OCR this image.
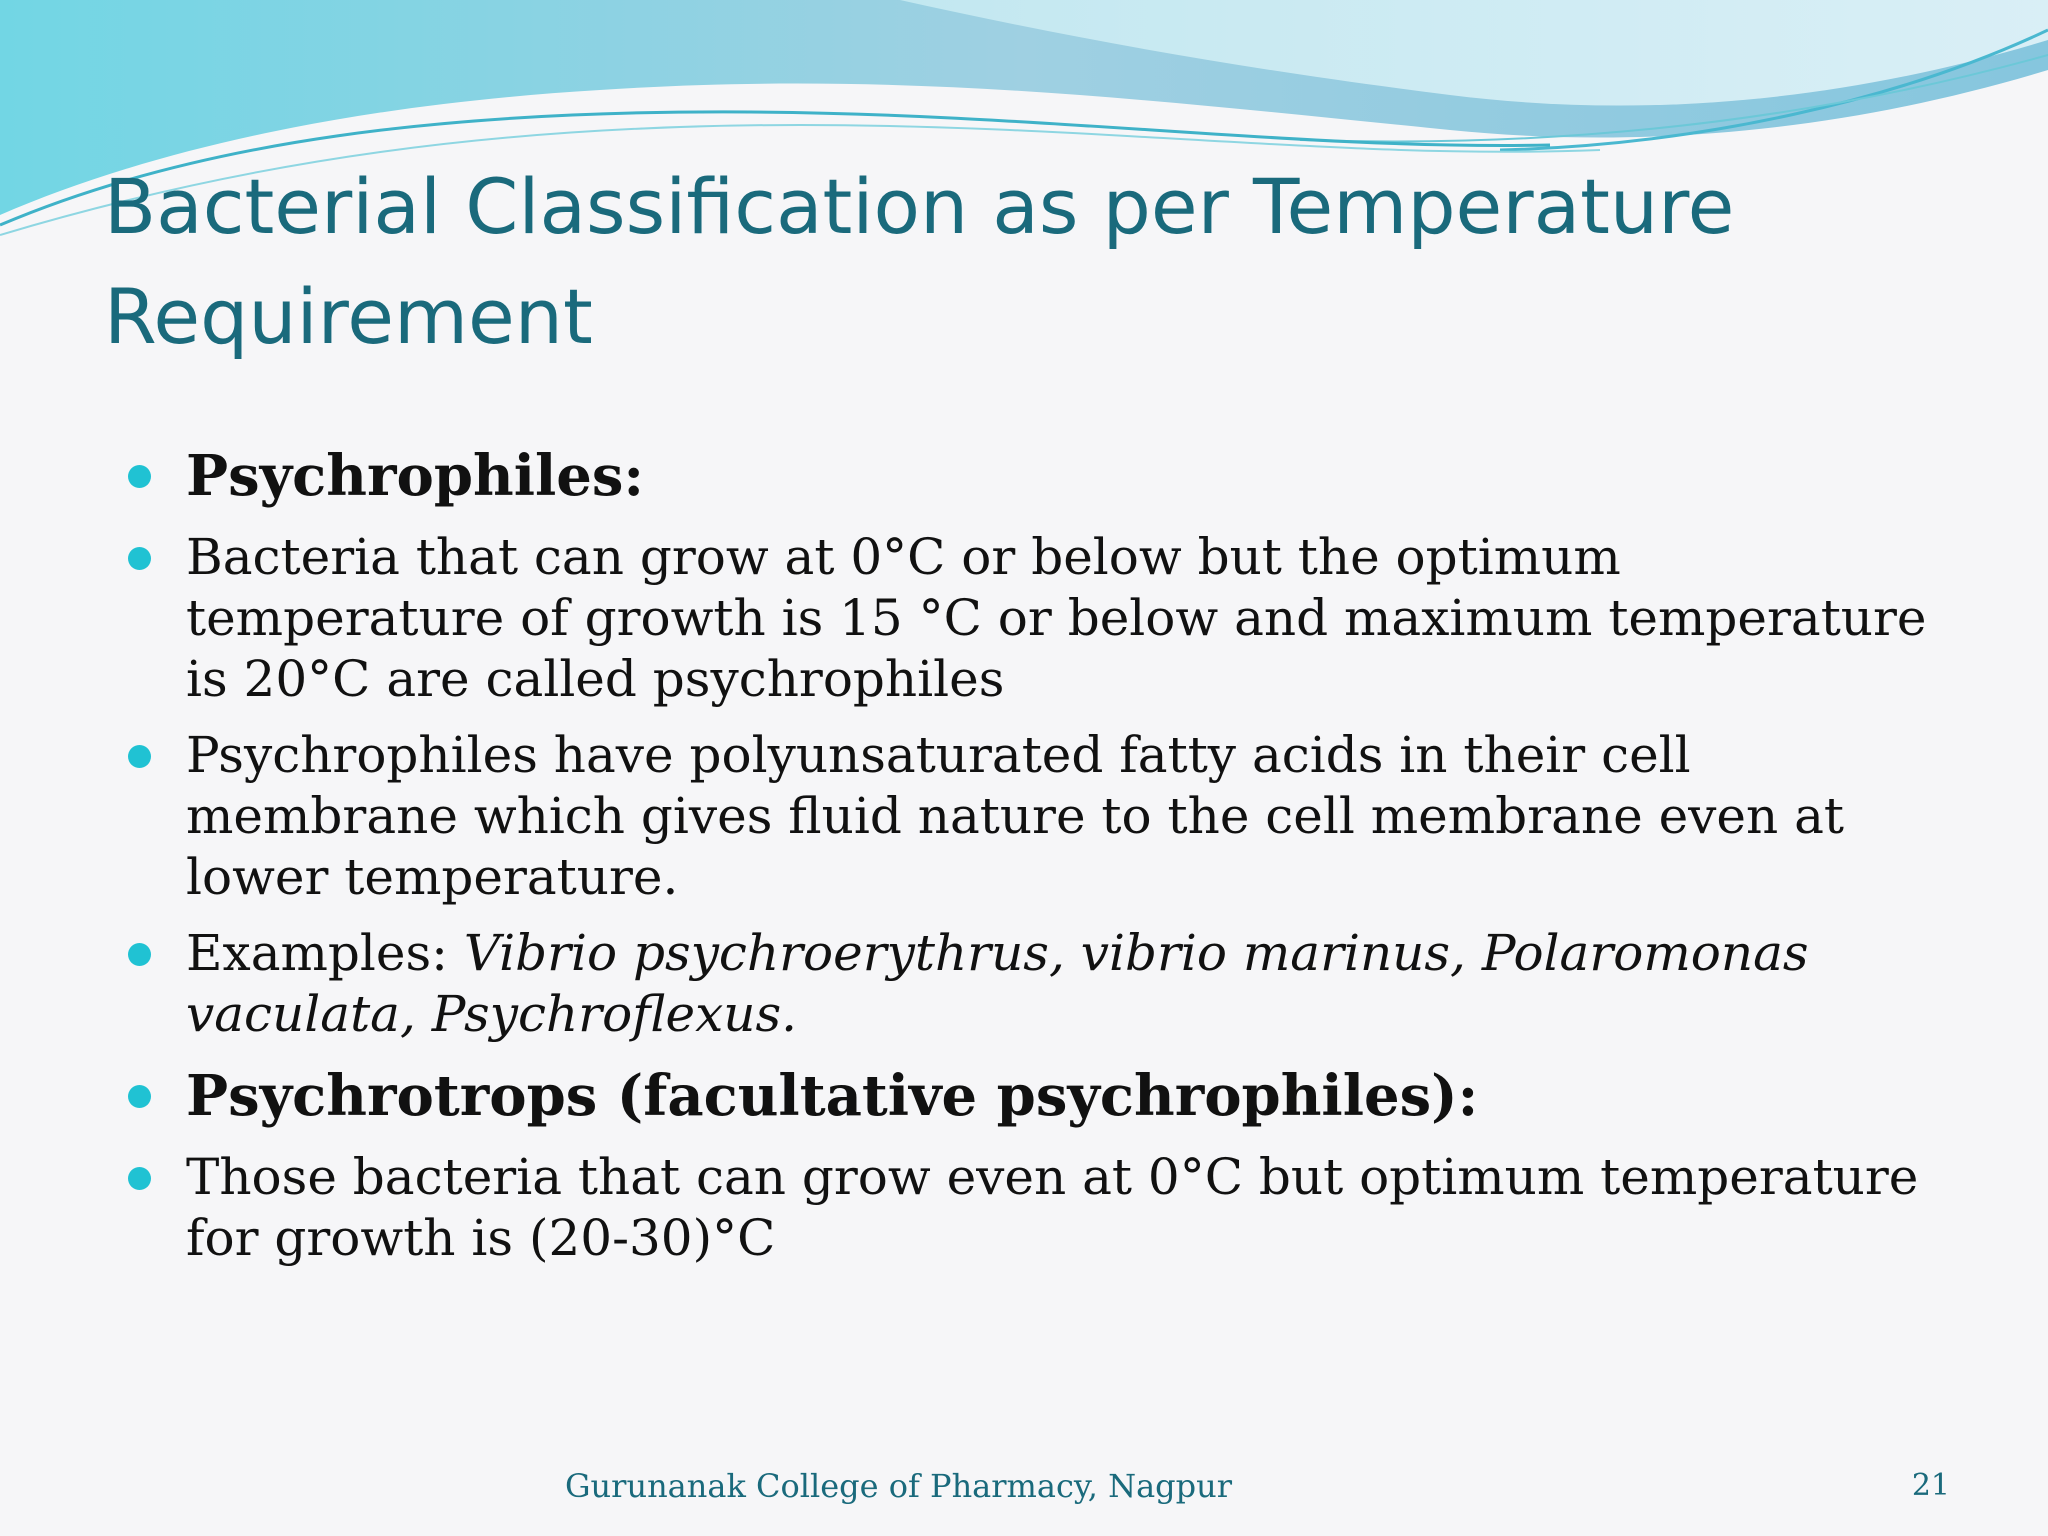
Bacterial Classification as per Temperature
Requirement
Psychrophiles:
Bacteria that can grow at 0°C or below but the optimum temperature of growth is 15 °C or below and maximum temperature is 20°C are called psychrophiles
Psychrophiles have polyunsaturated fatty acids in their cell membrane which gives fluid nature to the cell membrane even at lower temperature.
Examples: Vibrio psychroerythrus, vibrio marinus, Polaromonas vaculata, Psychroflexus.
Psychrotrops (facultative psychrophiles):
Those bacteria that can grow even at 0°C but optimum temperature for growth is (20-30)°C
Gurunanak College of Pharmacy, Nagpur	21
